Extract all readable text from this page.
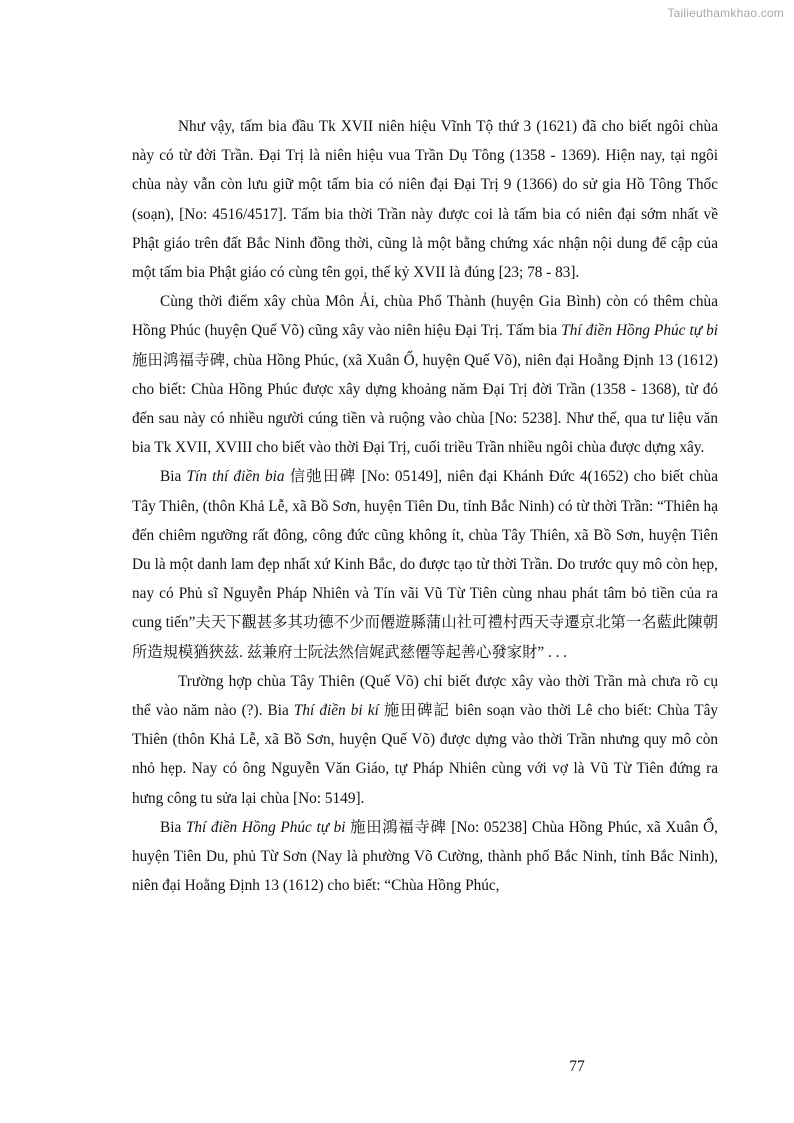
Tailieuthamkhao.com

Như vậy, tấm bia đầu Tk XVII niên hiệu Vĩnh Tộ thứ 3 (1621) đã cho biết ngôi chùa này có từ đời Trần. Đại Trị là niên hiệu vua Trần Dụ Tông (1358 - 1369). Hiện nay, tại ngôi chùa này vẫn còn lưu giữ một tấm bia có niên đại Đại Trị 9 (1366) do sử gia Hồ Tông Thốc (soạn), [No: 4516/4517]. Tấm bia thời Trần này được coi là tấm bia có niên đại sớm nhất về Phật giáo trên đất Bắc Ninh đồng thời, cũng là một bằng chứng xác nhận nội dung để cập của một tấm bia Phật giáo có cùng tên gọi, thế kỷ XVII là đúng [23; 78 - 83].

Cùng thời điểm xây chùa Môn Ải, chùa Phổ Thành (huyện Gia Bình) còn có thêm chùa Hồng Phúc (huyện Quế Võ) cũng xây vào niên hiệu Đại Trị. Tấm bia Thí điền Hồng Phúc tự bi 施田鸿福寺碑, chùa Hồng Phúc, (xã Xuân Ổ, huyện Quế Võ), niên đại Hoằng Định 13 (1612) cho biết: Chùa Hồng Phúc được xây dựng khoảng năm Đại Trị đời Trần (1358 - 1368), từ đó đến sau này có nhiều người cúng tiền và ruộng vào chùa [No: 5238]. Như thế, qua tư liệu văn bia Tk XVII, XVIII cho biết vào thời Đại Trị, cuối triều Trần nhiều ngôi chùa được dựng xây.

Bia Tín thí điền bia 信弛田碑 [No: 05149], niên đại Khánh Đức 4(1652) cho biết chùa Tây Thiên, (thôn Khả Lễ, xã Bồ Sơn, huyện Tiên Du, tỉnh Bắc Ninh) có từ thời Trần: “Thiên hạ đến chiêm ngưỡng rất đông, công đức cũng không ít, chùa Tây Thiên, xã Bồ Sơn, huyện Tiên Du là một danh lam đẹp nhất xứ Kinh Bắc, do được tạo từ thời Trần. Do trước quy mô còn hẹp, nay có Phủ sĩ Nguyễn Pháp Nhiên và Tín vãi Vũ Từ Tiên cùng nhau phát tâm bỏ tiền của ra cung tiến”夫天下觀甚多其功德不少而僊遊縣蒲山社可禮村西天寺遷京北第一名藍此陳朝所造規模猶狹兹. 兹兼府士阮法然信娓武慈僊等起善心發家財” . . .

Trường hợp chùa Tây Thiên (Quế Võ) chỉ biết được xây vào thời Trần mà chưa rõ cụ thể vào năm nào (?). Bia Thí điền bi kí 施田碑記 biên soạn vào thời Lê cho biết: Chùa Tây Thiên (thôn Khả Lễ, xã Bồ Sơn, huyện Quế Võ) được dựng vào thời Trần nhưng quy mô còn nhỏ hẹp. Nay có ông Nguyễn Văn Giáo, tự Pháp Nhiên cùng với vợ là Vũ Từ Tiên đứng ra hưng công tu sửa lại chùa [No: 5149].

Bia Thí điền Hồng Phúc tự bi 施田鴻福寺碑 [No: 05238] Chùa Hồng Phúc, xã Xuân Ổ, huyện Tiên Du, phủ Từ Sơn (Nay là phường Võ Cường, thành phố Bắc Ninh, tỉnh Bắc Ninh), niên đại Hoằng Định 13 (1612) cho biết: “Chùa Hồng Phúc,

77
